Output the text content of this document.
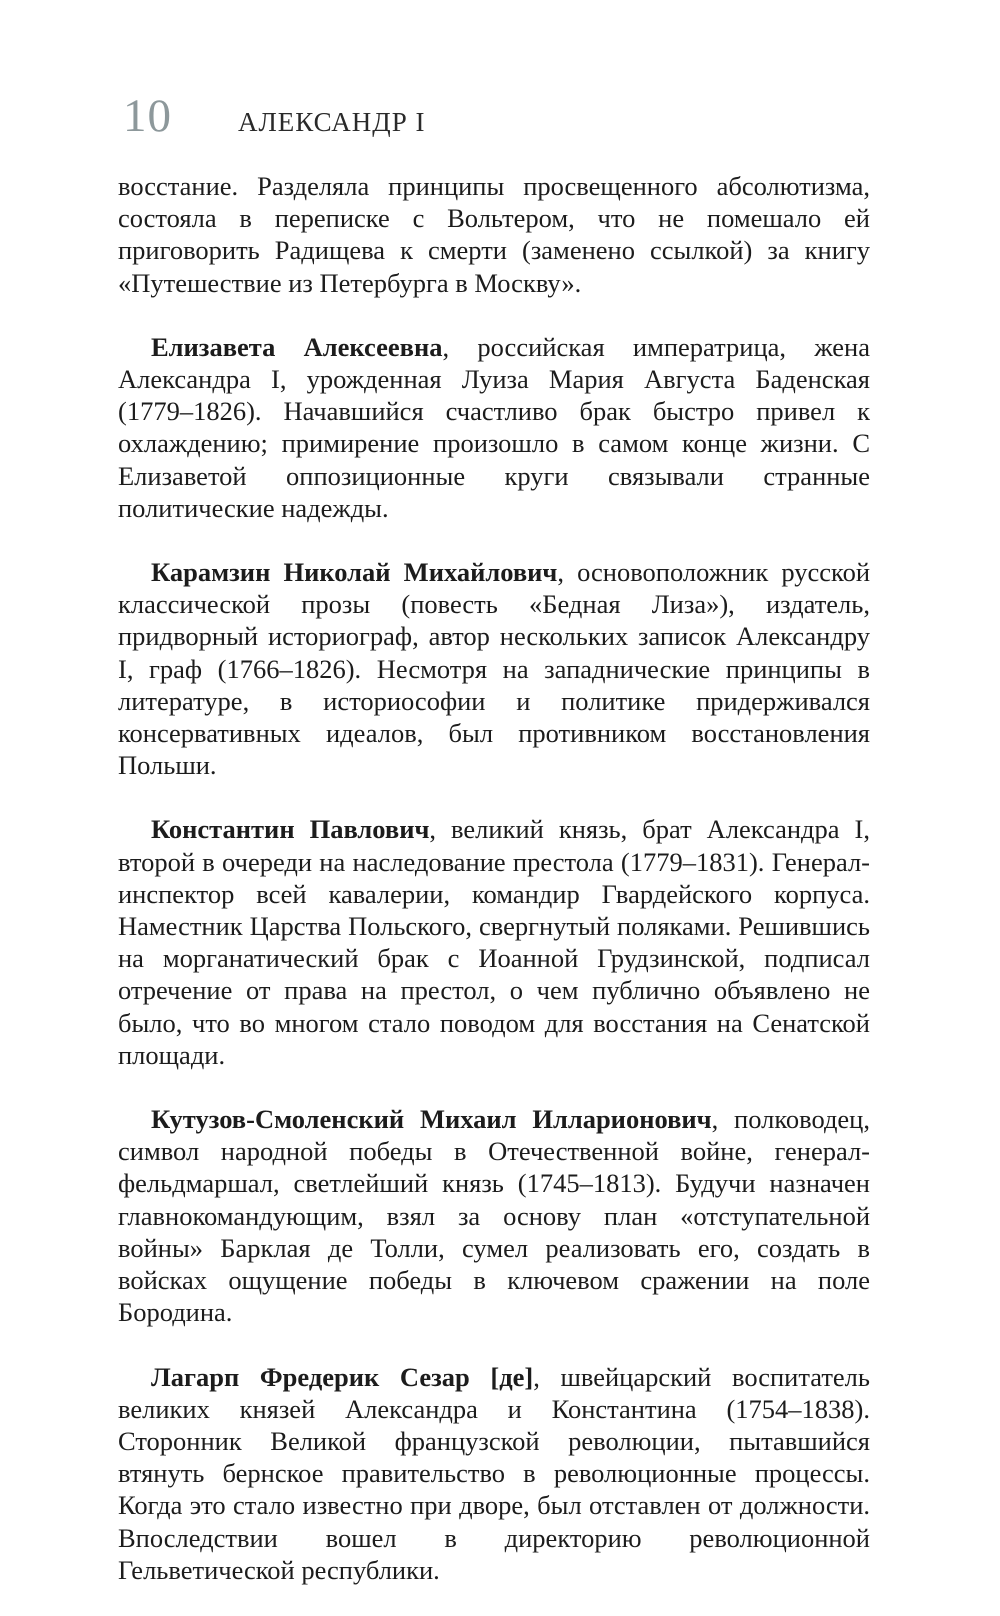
10 АЛЕКСАНДР I

восстание. Разделяла принципы просвещенного абсолютизма, состояла в переписке с Вольтером, что не помешало ей приговорить Радищева к смерти (заменено ссылкой) за книгу «Путешествие из Петербурга в Москву».

Елизавета Алексеевна, российская императрица, жена Александра I, урожденная Луиза Мария Августа Баденская (1779–1826). Начавшийся счастливо брак быстро привел к охлаждению; примирение произошло в самом конце жизни. С Елизаветой оппозиционные круги связывали странные политические надежды.

Карамзин Николай Михайлович, основоположник русской классической прозы (повесть «Бедная Лиза»), издатель, придворный историограф, автор нескольких записок Александру I, граф (1766–1826). Несмотря на западнические принципы в литературе, в историософии и политике придерживался консервативных идеалов, был противником восстановления Польши.

Константин Павлович, великий князь, брат Александра I, второй в очереди на наследование престола (1779–1831). Генерал-инспектор всей кавалерии, командир Гвардейского корпуса. Наместник Царства Польского, свергнутый поляками. Решившись на морганатический брак с Иоанной Грудзинской, подписал отречение от права на престол, о чем публично объявлено не было, что во многом стало поводом для восстания на Сенатской площади.

Кутузов-Смоленский Михаил Илларионович, полководец, символ народной победы в Отечественной войне, генерал-фельдмаршал, светлейший князь (1745–1813). Будучи назначен главнокомандующим, взял за основу план «отступательной войны» Барклая де Толли, сумел реализовать его, создать в войсках ощущение победы в ключевом сражении на поле Бородина.

Лагарп Фредерик Сезар [де], швейцарский воспитатель великих князей Александра и Константина (1754–1838). Сторонник Великой французской революции, пытавшийся втянуть бернское правительство в революционные процессы. Когда это стало известно при дворе, был отставлен от должности. Впоследствии вошел в директорию революционной Гельветической республики.
